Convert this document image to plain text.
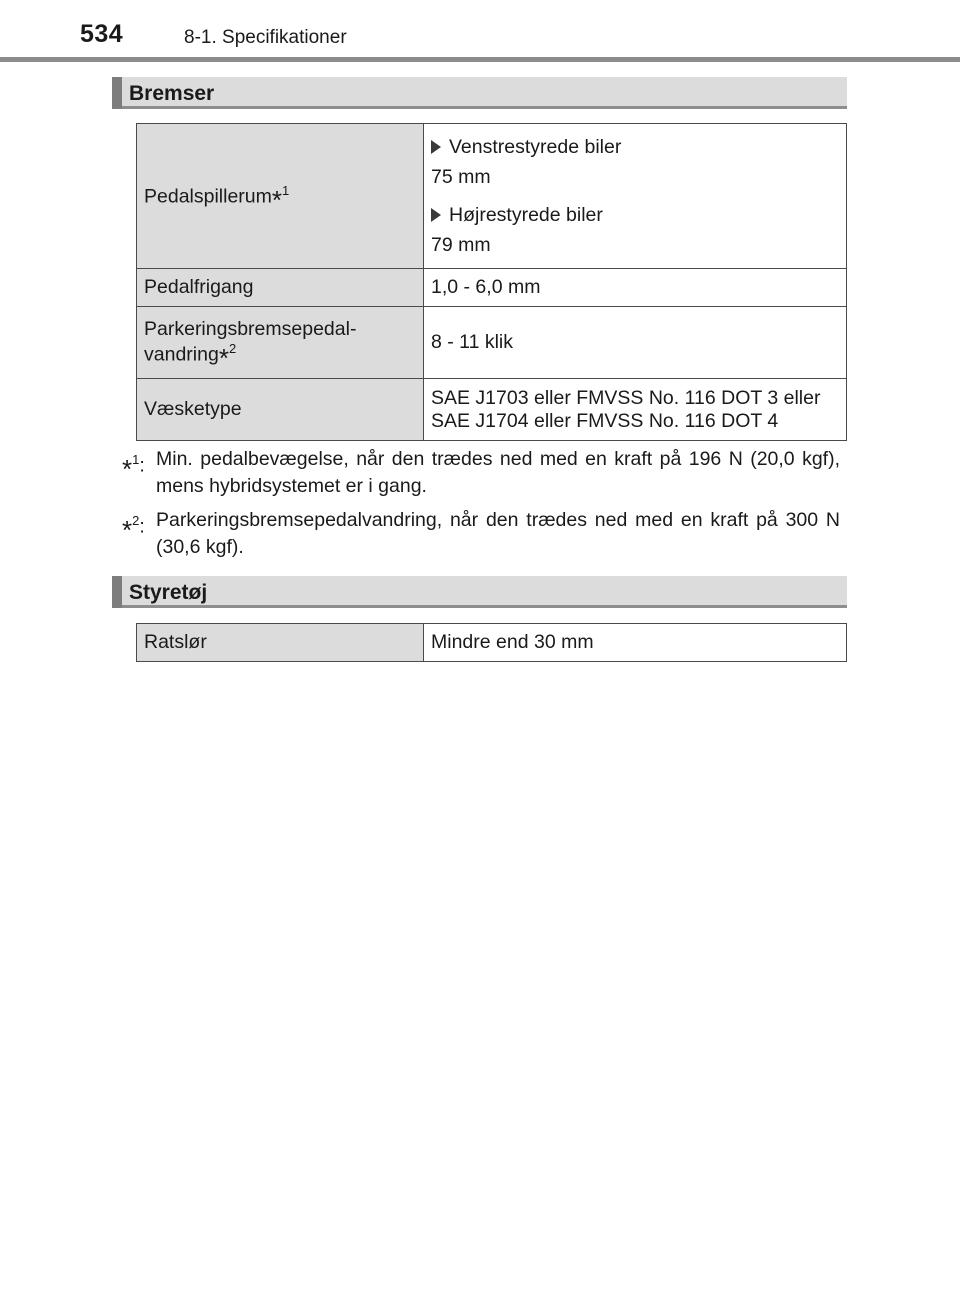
534	8-1. Specifikationer
Bremser
Pedalspillerum*$^1$	Venstrestyrede biler
75 mm
Højrestyrede biler
79 mm

Pedalfrigang	1,0 - 6,0 mm

Parkeringsbremsepedal-
vandring*$^2$	8 - 11 klik
Væsketype	SAE J1703 eller FMVSS No. 116 DOT 3 eller
SAE J1704 eller FMVSS No. 116 DOT 4
*$^1$: Min. pedalbevægelse, når den trædes ned med en kraft på 196 N (20,0 kgf), mens hybridsystemet er i gang.
*$^2$: Parkeringsbremsepedalvandring, når den trædes ned med en kraft på 300 N (30,6 kgf).
Styretøj
Ratslør	Mindre end 30 mm
